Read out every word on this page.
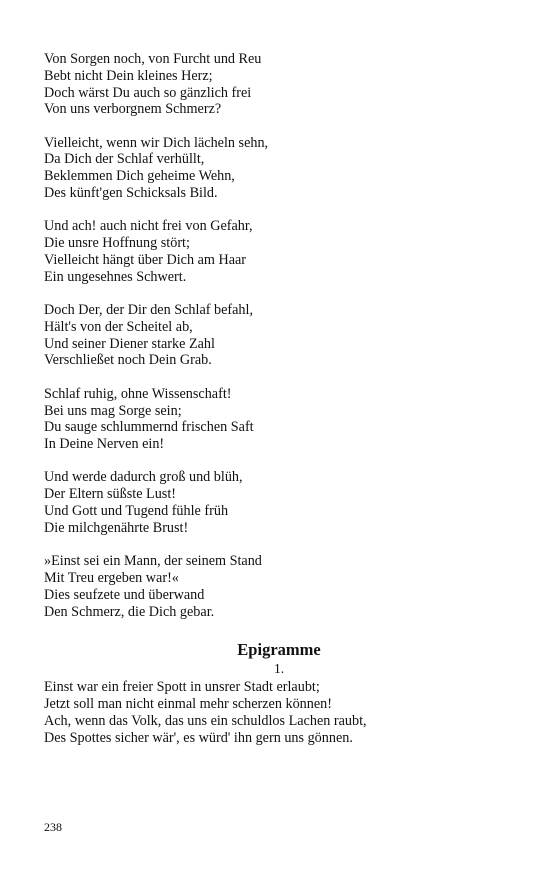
Von Sorgen noch, von Furcht und Reu
Bebt nicht Dein kleines Herz;
Doch wärst Du auch so gänzlich frei
Von uns verborgnem Schmerz?
Vielleicht, wenn wir Dich lächeln sehn,
Da Dich der Schlaf verhüllt,
Beklemmen Dich geheime Wehn,
Des künft'gen Schicksals Bild.
Und ach! auch nicht frei von Gefahr,
Die unsre Hoffnung stört;
Vielleicht hängt über Dich am Haar
Ein ungesehnes Schwert.
Doch Der, der Dir den Schlaf befahl,
Hält's von der Scheitel ab,
Und seiner Diener starke Zahl
Verschließet noch Dein Grab.
Schlaf ruhig, ohne Wissenschaft!
Bei uns mag Sorge sein;
Du sauge schlummernd frischen Saft
In Deine Nerven ein!
Und werde dadurch groß und blüh,
Der Eltern süßste Lust!
Und Gott und Tugend fühle früh
Die milchgenährte Brust!
»Einst sei ein Mann, der seinem Stand
Mit Treu ergeben war!«
Dies seufzete und überwand
Den Schmerz, die Dich gebar.
Epigramme
1.
Einst war ein freier Spott in unsrer Stadt erlaubt;
Jetzt soll man nicht einmal mehr scherzen können!
Ach, wenn das Volk, das uns ein schuldlos Lachen raubt,
Des Spottes sicher wär', es würd' ihn gern uns gönnen.
238
